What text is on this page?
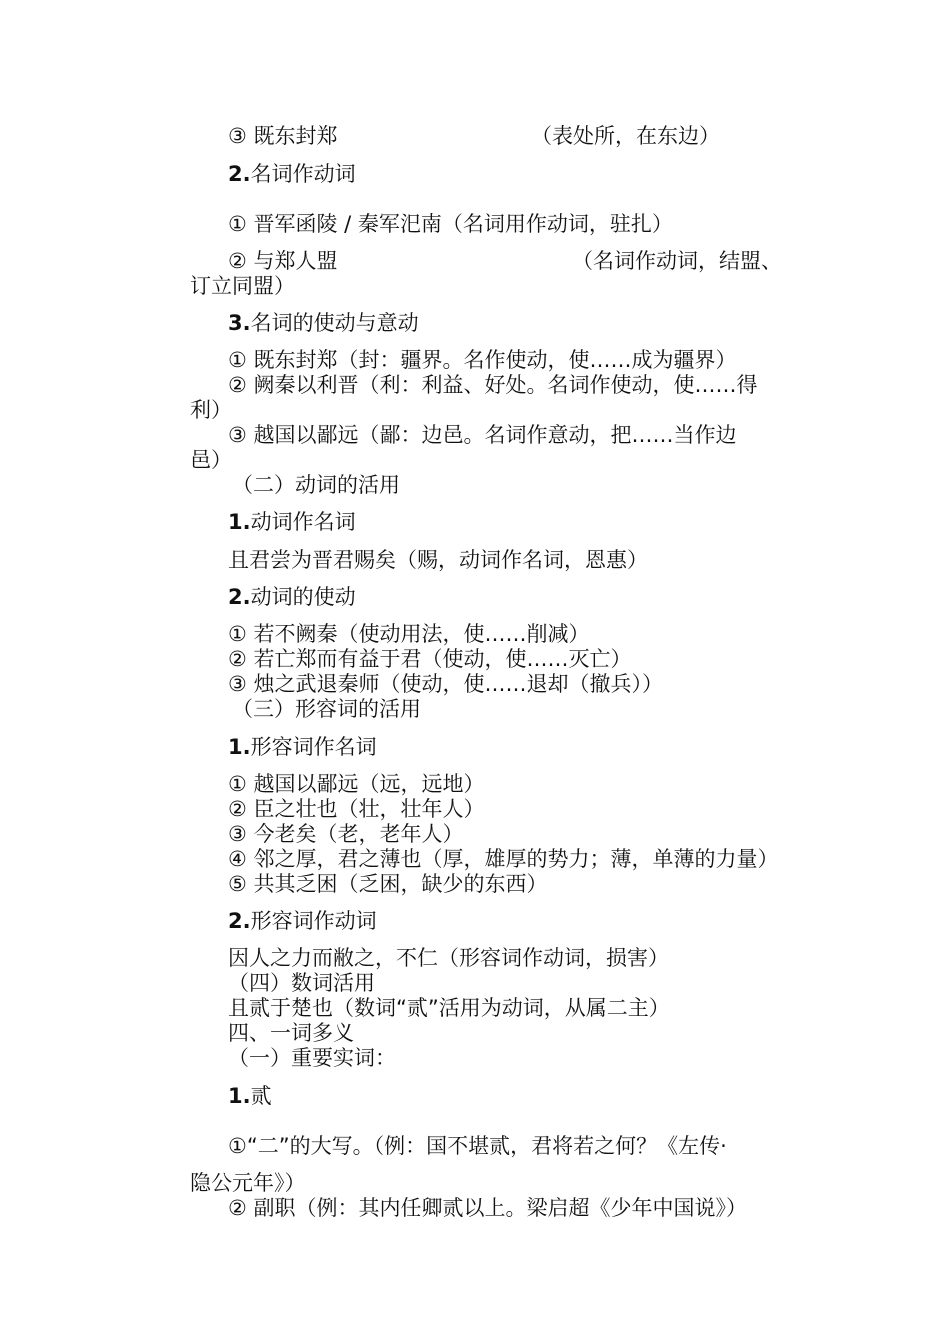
③ 既东封郑	（表处所，在东边）
2.名词作动词
① 晋军函陵 / 秦军汜南（名词用作动词，驻扎）
② 与郑人盟	（名词作动词，结盟、
订立同盟）
3.名词的使动与意动
① 既东封郑（封：疆界。名作使动，使……成为疆界）
② 阙秦以利晋（利：利益、好处。名词作使动，使……得
利）
③ 越国以鄙远（鄙：边邑。名词作意动，把……当作边
邑）
（二）动词的活用
1.动词作名词
且君尝为晋君赐矣（赐，动词作名词，恩惠）
2.动词的使动
① 若不阙秦（使动用法，使……削减）
② 若亡郑而有益于君（使动，使……灭亡）
③ 烛之武退秦师（使动，使……退却（撤兵））
（三）形容词的活用
1.形容词作名词
① 越国以鄙远（远，远地）
② 臣之壮也（壮，壮年人）
③ 今老矣（老，老年人）
④ 邻之厚，君之薄也（厚，雄厚的势力；薄，单薄的力量）
⑤ 共其乏困（乏困，缺少的东西）
2.形容词作动词
因人之力而敝之，不仁（形容词作动词，损害）
（四）数词活用
且贰于楚也（数词“贰”活用为动词，从属二主）
四、一词多义
（一）重要实词：
1.贰
①“二”的大写。（例：国不堪贰，君将若之何？《左传·
隐公元年》）
② 副职（例：其内任卿贰以上。梁启超《少年中国说》）
